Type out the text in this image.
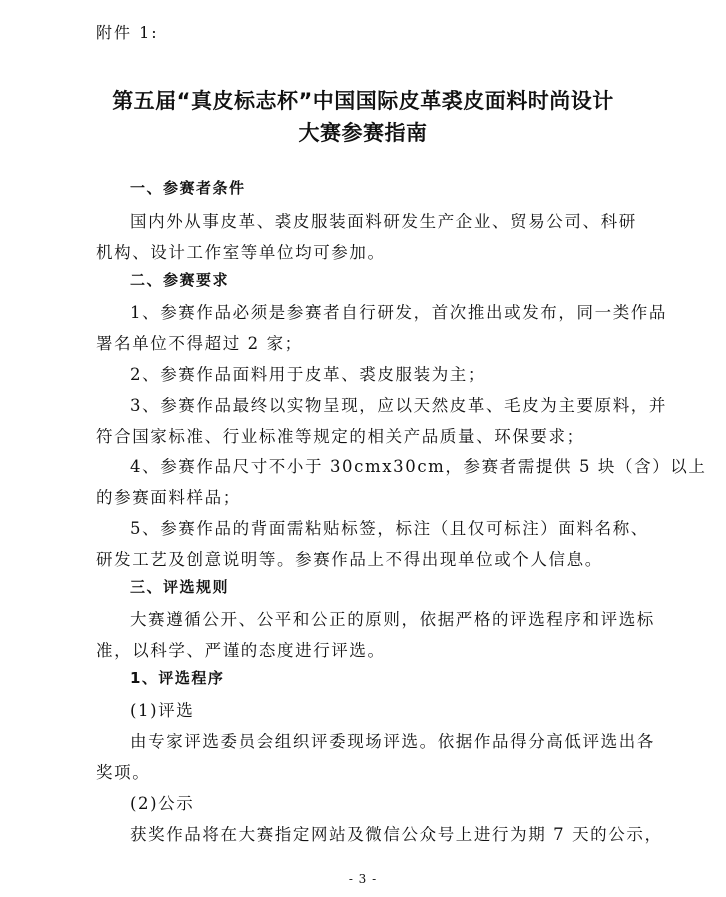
附件 1:
第五届“真皮标志杯”中国国际皮革裘皮面料时尚设计
大赛参赛指南
一、参赛者条件
国内外从事皮革、裘皮服装面料研发生产企业、贸易公司、科研
机构、设计工作室等单位均可参加。
二、参赛要求
1、参赛作品必须是参赛者自行研发，首次推出或发布，同一类作品
署名单位不得超过 2 家；
2、参赛作品面料用于皮革、裘皮服装为主；
3、参赛作品最终以实物呈现，应以天然皮革、毛皮为主要原料，并
符合国家标准、行业标准等规定的相关产品质量、环保要求；
4、参赛作品尺寸不小于 30cmx30cm，参赛者需提供 5 块（含）以上
的参赛面料样品；
5、参赛作品的背面需粘贴标签，标注（且仅可标注）面料名称、
研发工艺及创意说明等。参赛作品上不得出现单位或个人信息。
三、评选规则
大赛遵循公开、公平和公正的原则，依据严格的评选程序和评选标
准，以科学、严谨的态度进行评选。
1、评选程序
(1)评选
由专家评选委员会组织评委现场评选。依据作品得分高低评选出各
奖项。
(2)公示
获奖作品将在大赛指定网站及微信公众号上进行为期 7 天的公示，
- 3 -
